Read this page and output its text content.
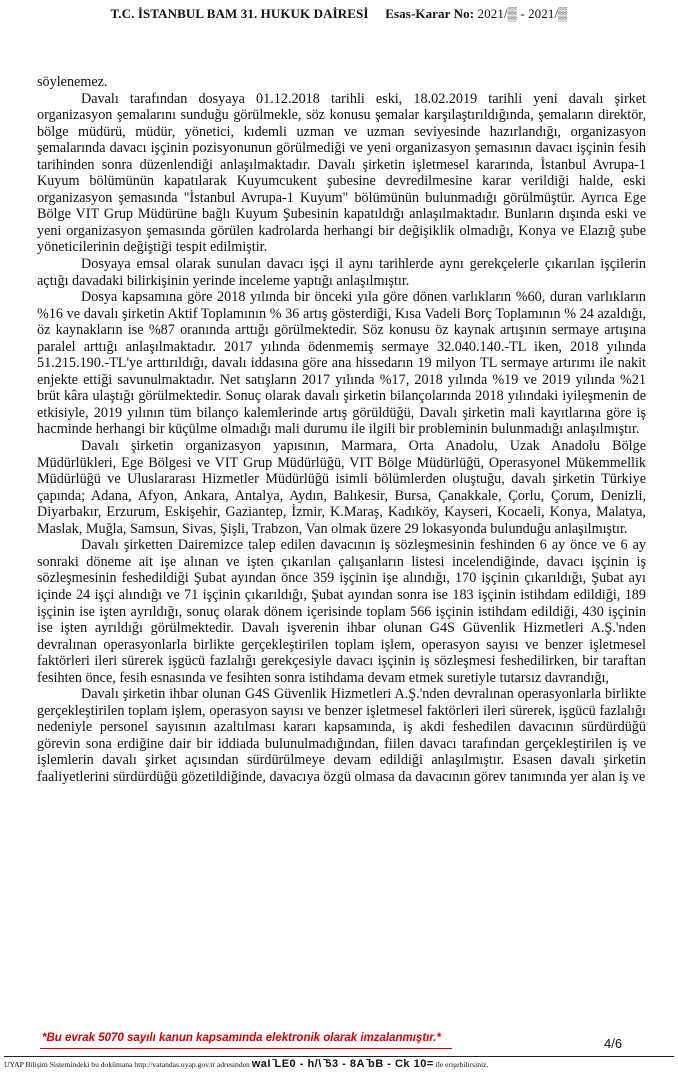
T.C. İSTANBUL BAM 31. HUKUK DAİRESİ Esas-Karar No: 2021/▒ - 2021/▒

söylenemez.

Davalı tarafından dosyaya 01.12.2018 tarihli eski, 18.02.2019 tarihli yeni davalı şirket organizasyon şemalarını sunduğu görülmekle, söz konusu şemalar karşılaştırıldığında, şemaların direktör, bölge müdürü, müdür, yönetici, kıdemli uzman ve uzman seviyesinde hazırlandığı, organizasyon şemalarında davacı işçinin pozisyonunun görülmediği ve yeni organizasyon şemasının davacı işçinin fesih tarihinden sonra düzenlendiği anlaşılmaktadır. Davalı şirketin işletmesel kararında, İstanbul Avrupa-1 Kuyum bölümünün kapatılarak Kuyumcukent şubesine devredilmesine karar verildiği halde, eski organizasyon şemasında "İstanbul Avrupa-1 Kuyum" bölümünün bulunmadığı görülmüştür. Ayrıca Ege Bölge VIT Grup Müdürüne bağlı Kuyum Şubesinin kapatıldığı anlaşılmaktadır. Bunların dışında eski ve yeni organizasyon şemasında görülen kadrolarda herhangi bir değişiklik olmadığı, Konya ve Elazığ şube yöneticilerinin değiştiği tespit edilmiştir.

Dosyaya emsal olarak sunulan davacı işçi il aynı tarihlerde aynı gerekçelerle çıkarılan işçilerin açtığı davadaki bilirkişinin yerinde inceleme yaptığı anlaşılmıştır.

Dosya kapsamına göre 2018 yılında bir önceki yıla göre dönen varlıkların %60, duran varlıkların %16 ve davalı şirketin Aktif Toplamının % 36 artış gösterdiği, Kısa Vadeli Borç Toplamının % 24 azaldığı, öz kaynakların ise %87 oranında arttığı görülmektedir. Söz konusu öz kaynak artışının sermaye artışına paralel arttığı anlaşılmaktadır. 2017 yılında ödenmemiş sermaye 32.040.140.-TL iken, 2018 yılında 51.215.190.-TL'ye arttırıldığı, davalı iddasına göre ana hissedarın 19 milyon TL sermaye artırımı ile nakit enjekte ettiği savunulmaktadır. Net satışların 2017 yılında %17, 2018 yılında %19 ve 2019 yılında %21 brüt kâra ulaştığı görülmektedir. Sonuç olarak davalı şirketin bilançolarında 2018 yılındaki iyileşmenin de etkisiyle, 2019 yılının tüm bilanço kalemlerinde artış görüldüğü, Davalı şirketin mali kayıtlarına göre iş hacminde herhangi bir küçülme olmadığı mali durumu ile ilgili bir probleminin bulunmadığı anlaşılmıştır.

Davalı şirketin organizasyon yapısının, Marmara, Orta Anadolu, Uzak Anadolu Bölge Müdürlükleri, Ege Bölgesi ve VIT Grup Müdürlüğü, VIT Bölge Müdürlüğü, Operasyonel Mükemmellik Müdürlüğü ve Uluslararası Hizmetler Müdürlüğü isimli bölümlerden oluştuğu, davalı şirketin Türkiye çapında; Adana, Afyon, Ankara, Antalya, Aydın, Balıkesir, Bursa, Çanakkale, Çorlu, Çorum, Denizli, Diyarbakır, Erzurum, Eskişehir, Gaziantep, İzmir, K.Maraş, Kadıköy, Kayseri, Kocaeli, Konya, Malatya, Maslak, Muğla, Samsun, Sivas, Şişli, Trabzon, Van olmak üzere 29 lokasyonda bulunduğu anlaşılmıştır.

Davalı şirketten Dairemizce talep edilen davacının iş sözleşmesinin feshinden 6 ay önce ve 6 ay sonraki döneme ait işe alınan ve işten çıkarılan çalışanların listesi incelendiğinde, davacı işçinin iş sözleşmesinin feshedildiği Şubat ayından önce 359 işçinin işe alındığı, 170 işçinin çıkarıldığı, Şubat ayı içinde 24 işçi alındığı ve 71 işçinin çıkarıldığı, Şubat ayından sonra ise 183 işçinin istihdam edildiği, 189 işçinin ise işten ayrıldığı, sonuç olarak dönem içerisinde toplam 566 işçinin istihdam edildiği, 430 işçinin ise işten ayrıldığı görülmektedir. Davalı işverenin ihbar olunan G4S Güvenlik Hizmetleri A.Ş.'nden devralınan operasyonlarla birlikte gerçekleştirilen toplam işlem, operasyon sayısı ve benzer işletmesel faktörleri ileri sürerek işgücü fazlalığı gerekçesiyle davacı işçinin iş sözleşmesi feshedilirken, bir taraftan fesihten önce, fesih esnasında ve fesihten sonra istihdama devam etmek suretiyle tutarsız davrandığı,

Davalı şirketin ihbar olunan G4S Güvenlik Hizmetleri A.Ş.'nden devralınan operasyonlarla birlikte gerçekleştirilen toplam işlem, operasyon sayısı ve benzer işletmesel faktörleri ileri sürerek, işgücü fazlalığı nedeniyle personel sayısının azaltılması kararı kapsamında, iş akdi feshedilen davacının sürdürdüğü görevin sona erdiğine dair bir iddiada bulunulmadığından, fiilen davacı tarafından gerçekleştirilen iş ve işlemlerin davalı şirket açısından sürdürülmeye devam edildiği anlaşılmıştır. Esasen davalı şirketin faaliyetlerini sürdürdüğü gözetildiğinde, davacıya özgü olmasa da davacının görev tanımında yer alan iş ve

*Bu evrak 5070 sayılı kanun kapsamında elektronik olarak imzalanmıştır.*	4/6
UYAP Bilişim Sistemindeki bu dokümana http://vatandas.uyap.gov.tr adresinden waI ̄LE0 - h/\ ̄53 - 8A ̄bB - Ck 10= ile erişebilirsiniz.
